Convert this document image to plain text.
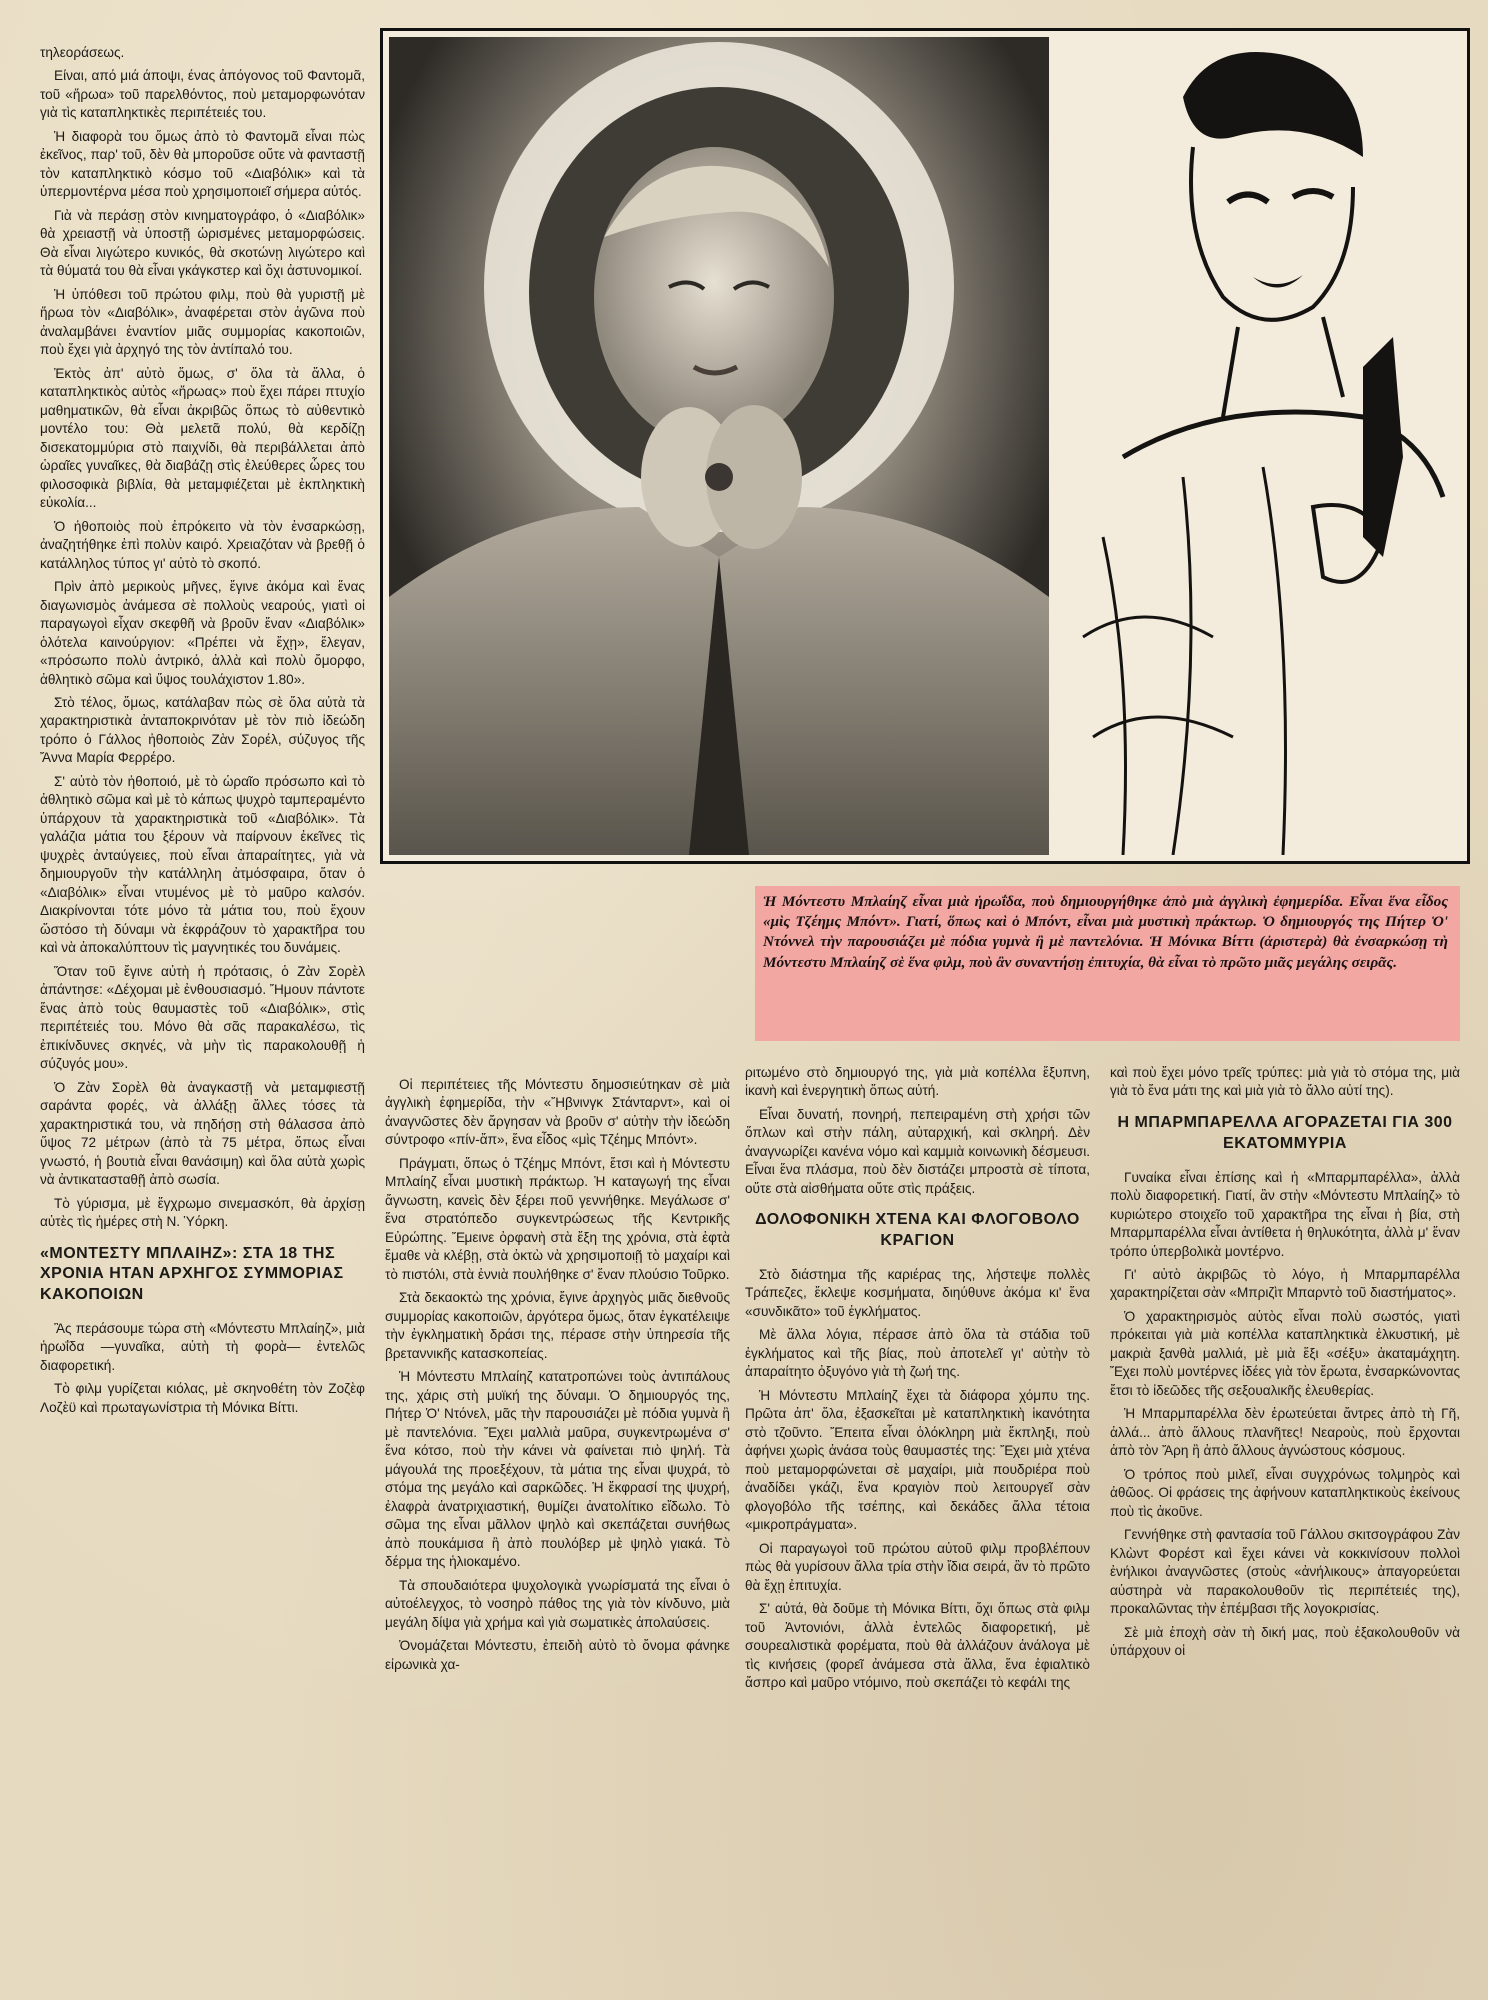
τηλεοράσεως.

Είναι, από μιά άποψι, ένας ἀπόγονος τοῦ Φαντομᾶ, τοῦ «ἥρωα» τοῦ παρελθόντος, ποὺ μεταμορφωνόταν γιὰ τὶς καταπληκτικὲς περιπέτειές του.

Ἡ διαφορὰ του ὅμως ἀπὸ τὸ Φαντομᾶ εἶναι πὼς ἐκεῖνος, παρ' τοῦ, δὲν θὰ μποροῦσε οὔτε νὰ φανταστῇ τὸν καταπληκτικὸ κόσμο τοῦ «Διαβόλικ» καὶ τὰ ὑπερμοντέρνα μέσα ποὺ χρησιμοποιεῖ σήμερα αὐτός.

Γιὰ νὰ περάσῃ στὸν κινηματογράφο, ὁ «Διαβόλικ» θὰ χρειαστῇ νὰ ὑποστῇ ὡρισμένες μεταμορφώσεις. Θὰ εἶναι λιγώτερο κυνικός, θὰ σκοτώνῃ λιγώτερο καὶ τὰ θύματά του θὰ εἶναι γκάγκστερ καὶ ὄχι ἀστυνομικοί.

Ἡ ὑπόθεσι τοῦ πρώτου φιλμ, ποὺ θὰ γυριστῇ μὲ ἥρωα τὸν «Διαβόλικ», ἀναφέρεται στὸν ἀγῶνα ποὺ ἀναλαμβάνει ἐναντίον μιᾶς συμμορίας κακοποιῶν, ποὺ ἔχει γιὰ ἀρχηγό της τὸν ἀντίπαλό του.

Ἐκτὸς ἀπ' αὐτὸ ὅμως, σ' ὅλα τὰ ἄλλα, ὁ καταπληκτικὸς αὐτὸς «ἥρωας» ποὺ ἔχει πάρει πτυχίο μαθηματικῶν, θὰ εἶναι ἀκριβῶς ὅπως τὸ αὐθεντικὸ μοντέλο του: Θὰ μελετᾶ πολύ, θὰ κερδίζῃ δισεκατομμύρια στὸ παιχνίδι, θὰ περιβάλλεται ἀπὸ ὡραῖες γυναῖκες, θὰ διαβάζῃ στὶς ἐλεύθερες ὧρες του φιλοσοφικὰ βιβλία, θὰ μεταμφιέζεται μὲ ἐκπληκτικὴ εὐκολία...

Ὁ ἠθοποιὸς ποὺ ἐπρόκειτο νὰ τὸν ἐνσαρκώσῃ, ἀναζητήθηκε ἐπὶ πολὺν καιρό. Χρειαζόταν νὰ βρεθῇ ὁ κατάλληλος τύπος γι' αὐτὸ τὸ σκοπό.

Πρὶν ἀπὸ μερικοὺς μῆνες, ἔγινε ἀκόμα καὶ ἕνας διαγωνισμὸς ἀνάμεσα σὲ πολλοὺς νεαρούς, γιατὶ οἱ παραγωγοὶ εἶχαν σκεφθῆ νὰ βροῦν ἕναν «Διαβόλικ» ὁλότελα καινούργιον: «Πρέπει νὰ ἔχῃ», ἔλεγαν, «πρόσωπο πολὺ ἀντρικό, ἀλλὰ καὶ πολὺ ὄμορφο, ἀθλητικὸ σῶμα καὶ ὕψος τουλάχιστον 1.80».

Στὸ τέλος, ὅμως, κατάλαβαν πὼς σὲ ὅλα αὐτὰ τὰ χαρακτηριστικὰ ἀνταποκρινόταν μὲ τὸν πιὸ ἰδεώδη τρόπο ὁ Γάλλος ἠθοποιὸς Ζὰν Σορέλ, σύζυγος τῆς Ἄννα Μαρία Φερρέρο.

Σ' αὐτὸ τὸν ἠθοποιό, μὲ τὸ ὡραῖο πρόσωπο καὶ τὸ ἀθλητικὸ σῶμα καὶ μὲ τὸ κάπως ψυχρὸ ταμπεραμέντο ὑπάρχουν τὰ χαρακτηριστικὰ τοῦ «Διαβόλικ». Τὰ γαλάζια μάτια του ξέρουν νὰ παίρνουν ἐκεῖνες τὶς ψυχρὲς ἀνταύγειες, ποὺ εἶναι ἀπαραίτητες, γιὰ νὰ δημιουργοῦν τὴν κατάλληλη ἀτμόσφαιρα, ὅταν ὁ «Διαβόλικ» εἶναι ντυμένος μὲ τὸ μαῦρο καλσόν. Διακρίνονται τότε μόνο τὰ μάτια του, ποὺ ἔχουν ὥστόσο τὴ δύναμι νὰ ἐκφράζουν τὸ χαρακτῆρα του καὶ νὰ ἀποκαλύπτουν τὶς μαγνητικές του δυνάμεις.

Ὅταν τοῦ ἔγινε αὐτὴ ἡ πρότασις, ὁ Ζὰν Σορὲλ ἀπάντησε: «Δέχομαι μὲ ἐνθουσιασμό. Ἤμουν πάντοτε ἕνας ἀπὸ τοὺς θαυμαστὲς τοῦ «Διαβόλικ», στὶς περιπέτειές του. Μόνο θὰ σᾶς παρακαλέσω, τὶς ἐπικίνδυνες σκηνές, νὰ μὴν τὶς παρακολουθῇ ἡ σύζυγός μου».

Ὁ Ζὰν Σορὲλ θὰ ἀναγκαστῇ νὰ μεταμφιεστῇ σαράντα φορές, νὰ ἀλλάξῃ ἄλλες τόσες τὰ χαρακτηριστικά του, νὰ πηδήσῃ στὴ θάλασσα ἀπὸ ὕψος 72 μέτρων (ἀπὸ τὰ 75 μέτρα, ὅπως εἶναι γνωστό, ἡ βουτιὰ εἶναι θανάσιμη) καὶ ὅλα αὐτὰ χωρὶς νὰ ἀντικατασταθῇ ἀπὸ σωσία.

Τὸ γύρισμα, μὲ ἔγχρωμο σινεμασκόπ, θὰ ἀρχίσῃ αὐτὲς τὶς ἡμέρες στὴ Ν. Ὑόρκη.

«ΜΟΝΤΕΣΤΥ ΜΠΛΑΙΗΖ»: ΣΤΑ 18 ΤΗΣ ΧΡΟΝΙΑ ΗΤΑΝ ΑΡΧΗΓΟΣ ΣΥΜΜΟΡΙΑΣ ΚΑΚΟΠΟΙΩΝ

Ἂς περάσουμε τώρα στὴ «Μόντεστυ Μπλαίηζ», μιὰ ἡρωΐδα —γυναῖκα, αὐτὴ τὴ φορὰ— ἐντελῶς διαφορετική.

Τὸ φιλμ γυρίζεται κιόλας, μὲ σκηνοθέτη τὸν Ζοζὲφ Λοζὲϋ καὶ πρωταγωνίστρια τὴ Μόνικα Βίττι.

Ἡ Μόντεστυ Μπλαίηζ εἶναι μιὰ ἡρωΐδα, ποὺ δημιουργήθηκε ἀπὸ μιὰ ἀγγλικὴ ἐφημερίδα. Εἶναι ἕνα εἶδος «μὶς Τζέημς Μπόντ». Γιατί, ὅπως καὶ ὁ Μπόντ, εἶναι μιὰ μυστικὴ πράκτωρ. Ὁ δημιουργός της Πήτερ Ὁ' Ντόννελ τὴν παρουσιάζει μὲ πόδια γυμνὰ ἢ μὲ παντελόνια. Ἡ Μόνικα Βίττι (ἀριστερὰ) θὰ ἐνσαρκώσῃ τὴ Μόντεστυ Μπλαίηζ σὲ ἕνα φιλμ, ποὺ ἂν συναντήσῃ ἐπιτυχία, θὰ εἶναι τὸ πρῶτο μιᾶς μεγάλης σειρᾶς.

Οἱ περιπέτειες τῆς Μόντεστυ δημοσιεύτηκαν σὲ μιὰ ἀγγλικὴ ἐφημερίδα, τὴν «Ἤβνινγκ Στάνταρντ», καὶ οἱ ἀναγνῶστες δὲν ἄργησαν νὰ βροῦν σ' αὐτὴν τὴν ἰδεώδη σύντροφο «πίν-ἄπ», ἕνα εἶδος «μὶς Τζέημς Μπόντ».

Πράγματι, ὅπως ὁ Τζέημς Μπόντ, ἔτσι καὶ ἡ Μόντεστυ Μπλαίηζ εἶναι μυστικὴ πράκτωρ. Ἡ καταγωγή της εἶναι ἄγνωστη, κανεὶς δὲν ξέρει ποῦ γεννήθηκε. Μεγάλωσε σ' ἕνα στρατόπεδο συγκεντρώσεως τῆς Κεντρικῆς Εὐρώπης. Ἔμεινε ὀρφανὴ στὰ ἔξη της χρόνια, στὰ ἑφτὰ ἔμαθε νὰ κλέβῃ, στὰ ὀκτὼ νὰ χρησιμοποιῇ τὸ μαχαίρι καὶ τὸ πιστόλι, στὰ ἐννιὰ πουλήθηκε σ' ἕναν πλούσιο Τοῦρκο.

Στὰ δεκαοκτὼ της χρόνια, ἔγινε ἀρχηγὸς μιᾶς διεθνοῦς συμμορίας κακοποιῶν, ἀργότερα ὅμως, ὅταν ἐγκατέλειψε τὴν ἐγκληματικὴ δράσι της, πέρασε στὴν ὑπηρεσία τῆς βρεταννικῆς κατασκοπείας.

Ἡ Μόντεστυ Μπλαίηζ κατατροπώνει τοὺς ἀντιπάλους της, χάρις στὴ μυϊκή της δύναμι. Ὁ δημιουργός της, Πήτερ Ὁ' Ντόνελ, μᾶς τὴν παρουσιάζει μὲ πόδια γυμνὰ ἢ μὲ παντελόνια. Ἔχει μαλλιὰ μαῦρα, συγκεντρωμένα σ' ἕνα κότσο, ποὺ τὴν κάνει νὰ φαίνεται πιὸ ψηλή. Τὰ μάγουλά της προεξέχουν, τὰ μάτια της εἶναι ψυχρά, τὸ στόμα της μεγάλο καὶ σαρκῶδες. Ἡ ἔκφρασί της ψυχρή, ἐλαφρὰ ἀνατριχιαστική, θυμίζει ἀνατολίτικο εἴδωλο. Τὸ σῶμα της εἶναι μᾶλλον ψηλὸ καὶ σκεπάζεται συνήθως ἀπὸ πουκάμισα ἢ ἀπὸ πουλόβερ μὲ ψηλὸ γιακά. Τὸ δέρμα της ἡλιοκαμένο.

Τὰ σπουδαιότερα ψυχολογικὰ γνωρίσματά της εἶναι ὁ αὐτοέλεγχος, τὸ νοσηρὸ πάθος της γιὰ τὸν κίνδυνο, μιὰ μεγάλη δίψα γιὰ χρήμα καὶ γιὰ σωματικὲς ἀπολαύσεις.

Ὀνομάζεται Μόντεστυ, ἐπειδὴ αὐτὸ τὸ ὄνομα φάνηκε εἰρωνικὰ χα-

ριτωμένο στὸ δημιουργό της, γιὰ μιὰ κοπέλλα ἔξυπνη, ἱκανὴ καὶ ἐνεργητικὴ ὅπως αὐτή.

Εἶναι δυνατή, πονηρή, πεπειραμένη στὴ χρήσι τῶν ὅπλων καὶ στὴν πάλη, αὐταρχική, καὶ σκληρή. Δὲν ἀναγνωρίζει κανένα νόμο καὶ καμμιὰ κοινωνικὴ δέσμευσι. Εἶναι ἕνα πλάσμα, ποὺ δὲν διστάζει μπροστὰ σὲ τίποτα, οὔτε στὰ αἰσθήματα οὔτε στὶς πράξεις.

ΔΟΛΟΦΟΝΙΚΗ ΧΤΕΝΑ ΚΑΙ ΦΛΟΓΟΒΟΛΟ ΚΡΑΓΙΟΝ

Στὸ διάστημα τῆς καριέρας της, λήστεψε πολλὲς Τράπεζες, ἔκλεψε κοσμήματα, διηύθυνε ἀκόμα κι' ἕνα «συνδικᾶτο» τοῦ ἐγκλήματος.

Μὲ ἄλλα λόγια, πέρασε ἀπὸ ὅλα τὰ στάδια τοῦ ἐγκλήματος καὶ τῆς βίας, ποὺ ἀποτελεῖ γι' αὐτὴν τὸ ἀπαραίτητο ὀξυγόνο γιὰ τὴ ζωή της.

Ἡ Μόντεστυ Μπλαίηζ ἔχει τὰ διάφορα χόμπυ της. Πρῶτα ἀπ' ὅλα, ἐξασκεῖται μὲ καταπληκτικὴ ἱκανότητα στὸ τζοῦντο. Ἔπειτα εἶναι ὁλόκληρη μιὰ ἔκπληξι, ποὺ ἀφήνει χωρὶς ἀνάσα τοὺς θαυμαστές της: Ἔχει μιὰ χτένα ποὺ μεταμορφώνεται σὲ μαχαίρι, μιὰ πουδριέρα ποὺ ἀναδίδει γκάζι, ἕνα κραγιὸν ποὺ λειτουργεῖ σὰν φλογοβόλο τῆς τσέπης, καὶ δεκάδες ἄλλα τέτοια «μικροπράγματα».

Οἱ παραγωγοὶ τοῦ πρώτου αὐτοῦ φιλμ προβλέπουν πὼς θὰ γυρίσουν ἄλλα τρία στὴν ἴδια σειρά, ἂν τὸ πρῶτο θὰ ἔχῃ ἐπιτυχία.

Σ' αὐτά, θὰ δοῦμε τὴ Μόνικα Βίττι, ὄχι ὅπως στὰ φιλμ τοῦ Ἀντονιόνι, ἀλλὰ ἐντελῶς διαφορετική, μὲ σουρεαλιστικὰ φορέματα, ποὺ θὰ ἀλλάζουν ἀνάλογα μὲ τὶς κινήσεις (φορεῖ ἀνάμεσα στὰ ἄλλα, ἕνα ἐφιαλτικὸ ἄσπρο καὶ μαῦρο ντόμινο, ποὺ σκεπάζει τὸ κεφάλι της

καὶ ποὺ ἔχει μόνο τρεῖς τρύπες: μιὰ γιὰ τὸ στόμα της, μιὰ γιὰ τὸ ἕνα μάτι της καὶ μιὰ γιὰ τὸ ἄλλο αὐτί της).

Η ΜΠΑΡΜΠΑΡΕΛΛΑ ΑΓΟΡΑΖΕΤΑΙ ΓΙΑ 300 ΕΚΑΤΟΜΜΥΡΙΑ

Γυναίκα εἶναι ἐπίσης καὶ ἡ «Μπαρμπαρέλλα», ἀλλὰ πολὺ διαφορετική. Γιατί, ἂν στὴν «Μόντεστυ Μπλαίηζ» τὸ κυριώτερο στοιχεῖο τοῦ χαρακτῆρα της εἶναι ἡ βία, στὴ Μπαρμπαρέλλα εἶναι ἀντίθετα ἡ θηλυκότητα, ἀλλὰ μ' ἕναν τρόπο ὑπερβολικὰ μοντέρνο.

Γι' αὐτὸ ἀκριβῶς τὸ λόγο, ἡ Μπαρμπαρέλλα χαρακτηρίζεται σὰν «Μπριζὶτ Μπαρντὸ τοῦ διαστήματος».

Ὁ χαρακτηρισμὸς αὐτὸς εἶναι πολὺ σωστός, γιατὶ πρόκειται γιὰ μιὰ κοπέλλα καταπληκτικὰ ἑλκυστική, μὲ μακριὰ ξανθὰ μαλλιά, μὲ μιὰ ἕξι «σέξυ» ἀκαταμάχητη. Ἔχει πολὺ μοντέρνες ἰδέες γιὰ τὸν ἔρωτα, ἐνσαρκώνοντας ἔτσι τὸ ἰδεῶδες τῆς σεξουαλικῆς ἐλευθερίας.

Ἡ Μπαρμπαρέλλα δὲν ἐρωτεύεται ἄντρες ἀπὸ τὴ Γῆ, ἀλλά... ἀπὸ ἄλλους πλανῆτες! Νεαροὺς, ποὺ ἔρχονται ἀπὸ τὸν Ἄρη ἢ ἀπὸ ἄλλους ἀγνώστους κόσμους.

Ὁ τρόπος ποὺ μιλεῖ, εἶναι συγχρόνως τολμηρὸς καὶ ἀθῶος. Οἱ φράσεις της ἀφήνουν καταπληκτικοὺς ἐκείνους ποὺ τὶς ἀκοῦνε.

Γεννήθηκε στὴ φαντασία τοῦ Γάλλου σκιτσογράφου Ζὰν Κλὼντ Φορέστ καὶ ἔχει κάνει νὰ κοκκινίσουν πολλοὶ ἐνήλικοι ἀναγνῶστες (στοὺς «ἀνήλικους» ἀπαγορεύεται αὐστηρὰ νὰ παρακολουθοῦν τὶς περιπέτειές της), προκαλῶντας τὴν ἐπέμβασι τῆς λογοκρισίας.

Σὲ μιὰ ἐποχὴ σὰν τὴ δική μας, ποὺ ἐξακολουθοῦν νὰ ὑπάρχουν οἱ
